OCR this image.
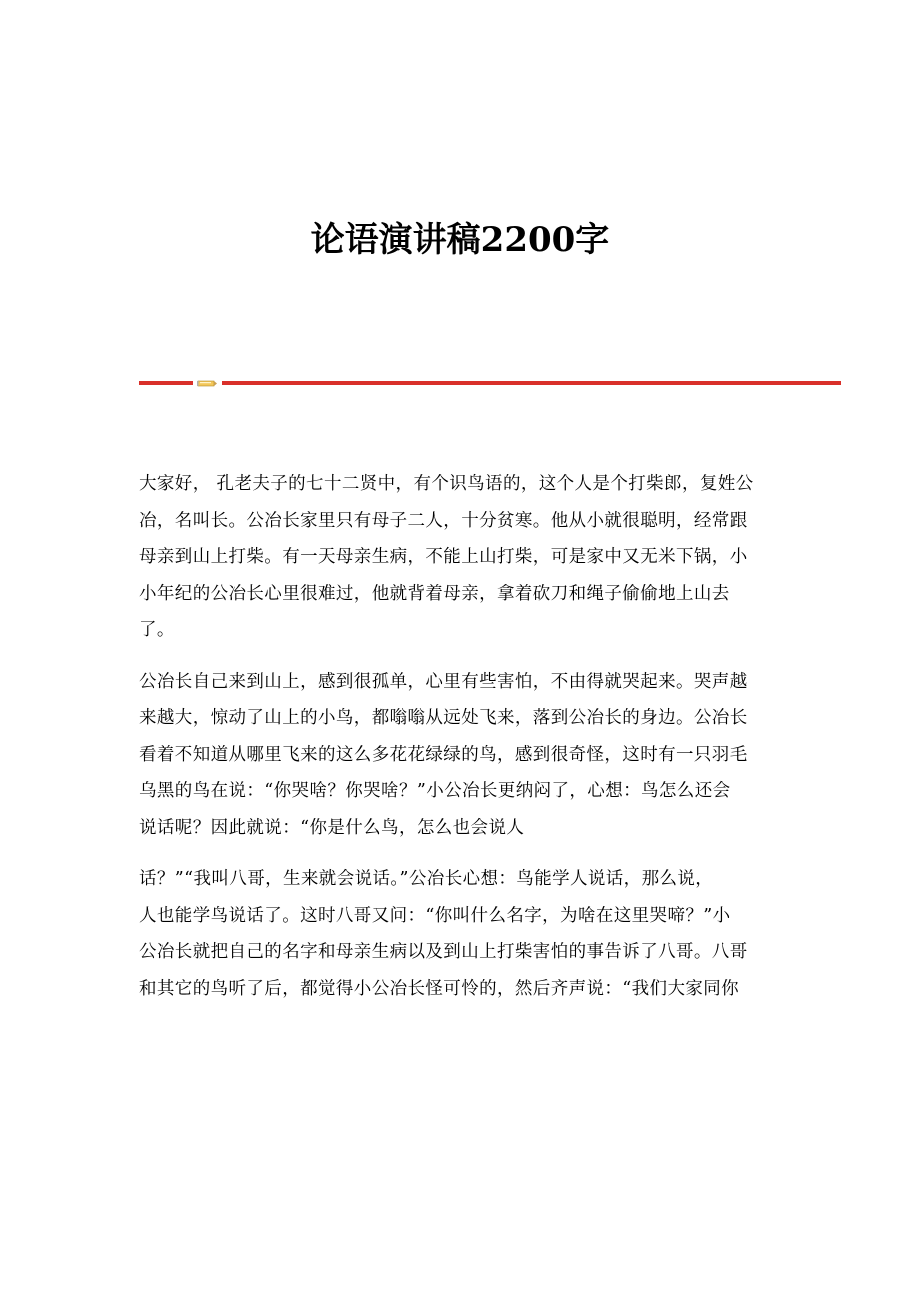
论语演讲稿2200字

大家好， 孔老夫子的七十二贤中，有个识鸟语的，这个人是个打柴郎，复姓公
冶，名叫长。公冶长家里只有母子二人，十分贫寒。他从小就很聪明，经常跟
母亲到山上打柴。有一天母亲生病，不能上山打柴，可是家中又无米下锅，小
小年纪的公冶长心里很难过，他就背着母亲，拿着砍刀和绳子偷偷地上山去
了。

公冶长自己来到山上，感到很孤单，心里有些害怕，不由得就哭起来。哭声越
来越大，惊动了山上的小鸟，都嗡嗡从远处飞来，落到公冶长的身边。公冶长
看着不知道从哪里飞来的这么多花花绿绿的鸟，感到很奇怪，这时有一只羽毛
乌黑的鸟在说：“你哭啥？你哭啥？”小公冶长更纳闷了，心想：鸟怎么还会
说话呢？因此就说：“你是什么鸟，怎么也会说人

话？”“我叫八哥，生来就会说话。”公冶长心想：鸟能学人说话，那么说，
人也能学鸟说话了。这时八哥又问：“你叫什么名字，为啥在这里哭啼？”小
公冶长就把自己的名字和母亲生病以及到山上打柴害怕的事告诉了八哥。八哥
和其它的鸟听了后，都觉得小公冶长怪可怜的，然后齐声说：“我们大家同你
